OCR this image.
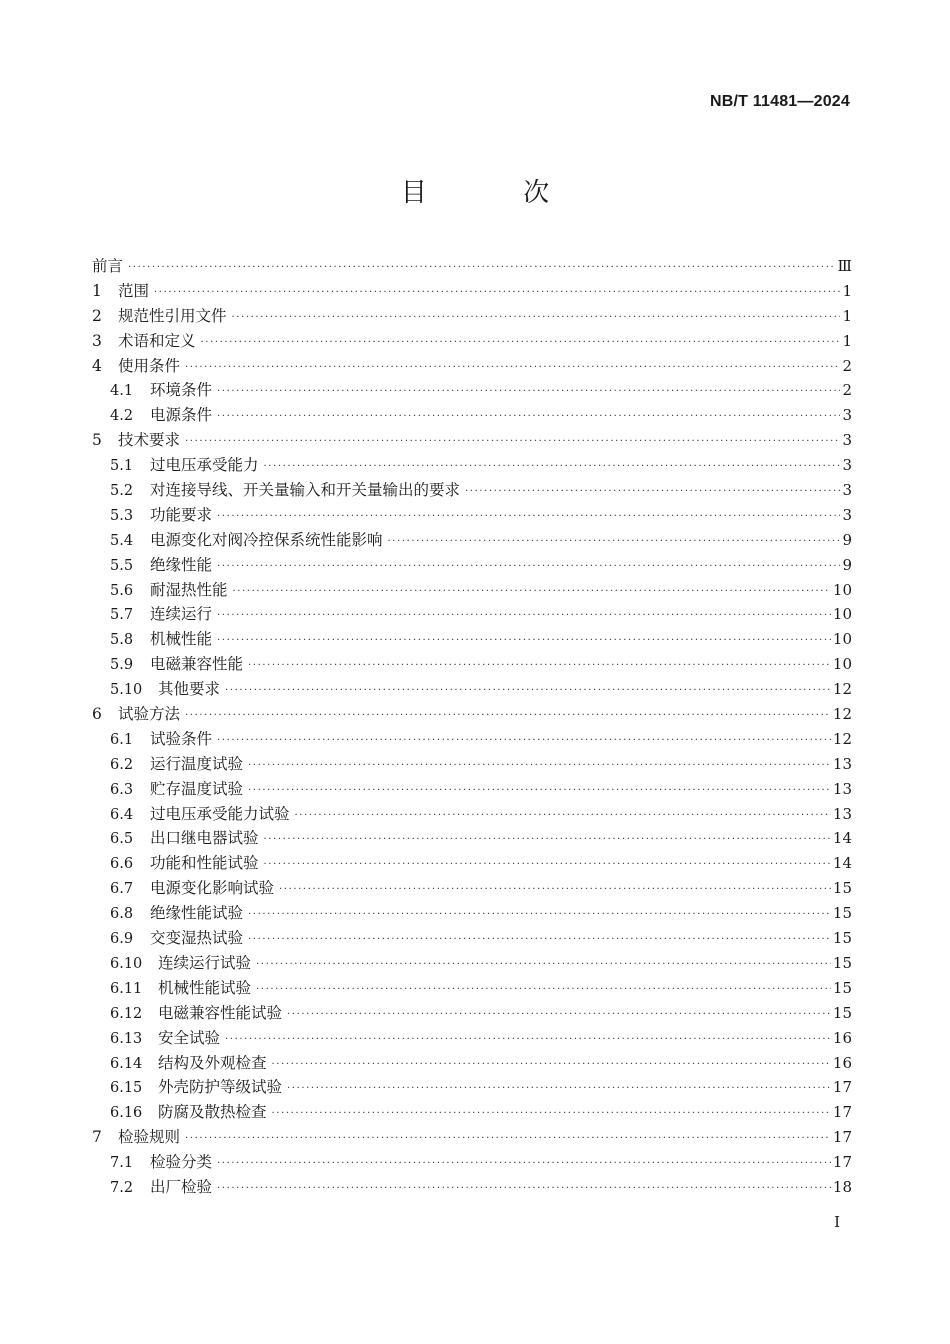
NB/T 11481—2024
目 次
前言 ·····	Ⅲ
1	范围 ·····	1
2	规范性引用文件 ·····	1
3	术语和定义 ·····	1
4	使用条件 ·····	2
4.1	环境条件 ·····	2
4.2	电源条件 ·····	3
5	技术要求 ·····	3
5.1	过电压承受能力 ·····	3
5.2	对连接导线、开关量输入和开关量输出的要求 ·····	3
5.3	功能要求 ·····	3
5.4	电源变化对阀冷控保系统性能影响 ·····	9
5.5	绝缘性能 ·····	9
5.6	耐湿热性能 ·····	10
5.7	连续运行 ·····	10
5.8	机械性能 ·····	10
5.9	电磁兼容性能 ·····	10
5.10	其他要求 ·····	12
6	试验方法 ·····	12
6.1	试验条件 ·····	12
6.2	运行温度试验 ·····	13
6.3	贮存温度试验 ·····	13
6.4	过电压承受能力试验 ·····	13
6.5	出口继电器试验 ·····	14
6.6	功能和性能试验 ·····	14
6.7	电源变化影响试验 ·····	15
6.8	绝缘性能试验 ·····	15
6.9	交变湿热试验 ·····	15
6.10	连续运行试验 ·····	15
6.11	机械性能试验 ·····	15
6.12	电磁兼容性能试验 ·····	15
6.13	安全试验 ·····	16
6.14	结构及外观检查 ·····	16
6.15	外壳防护等级试验 ·····	17
6.16	防腐及散热检查 ·····	17
7	检验规则 ·····	17
7.1	检验分类 ·····	17
7.2	出厂检验 ·····	18
I
